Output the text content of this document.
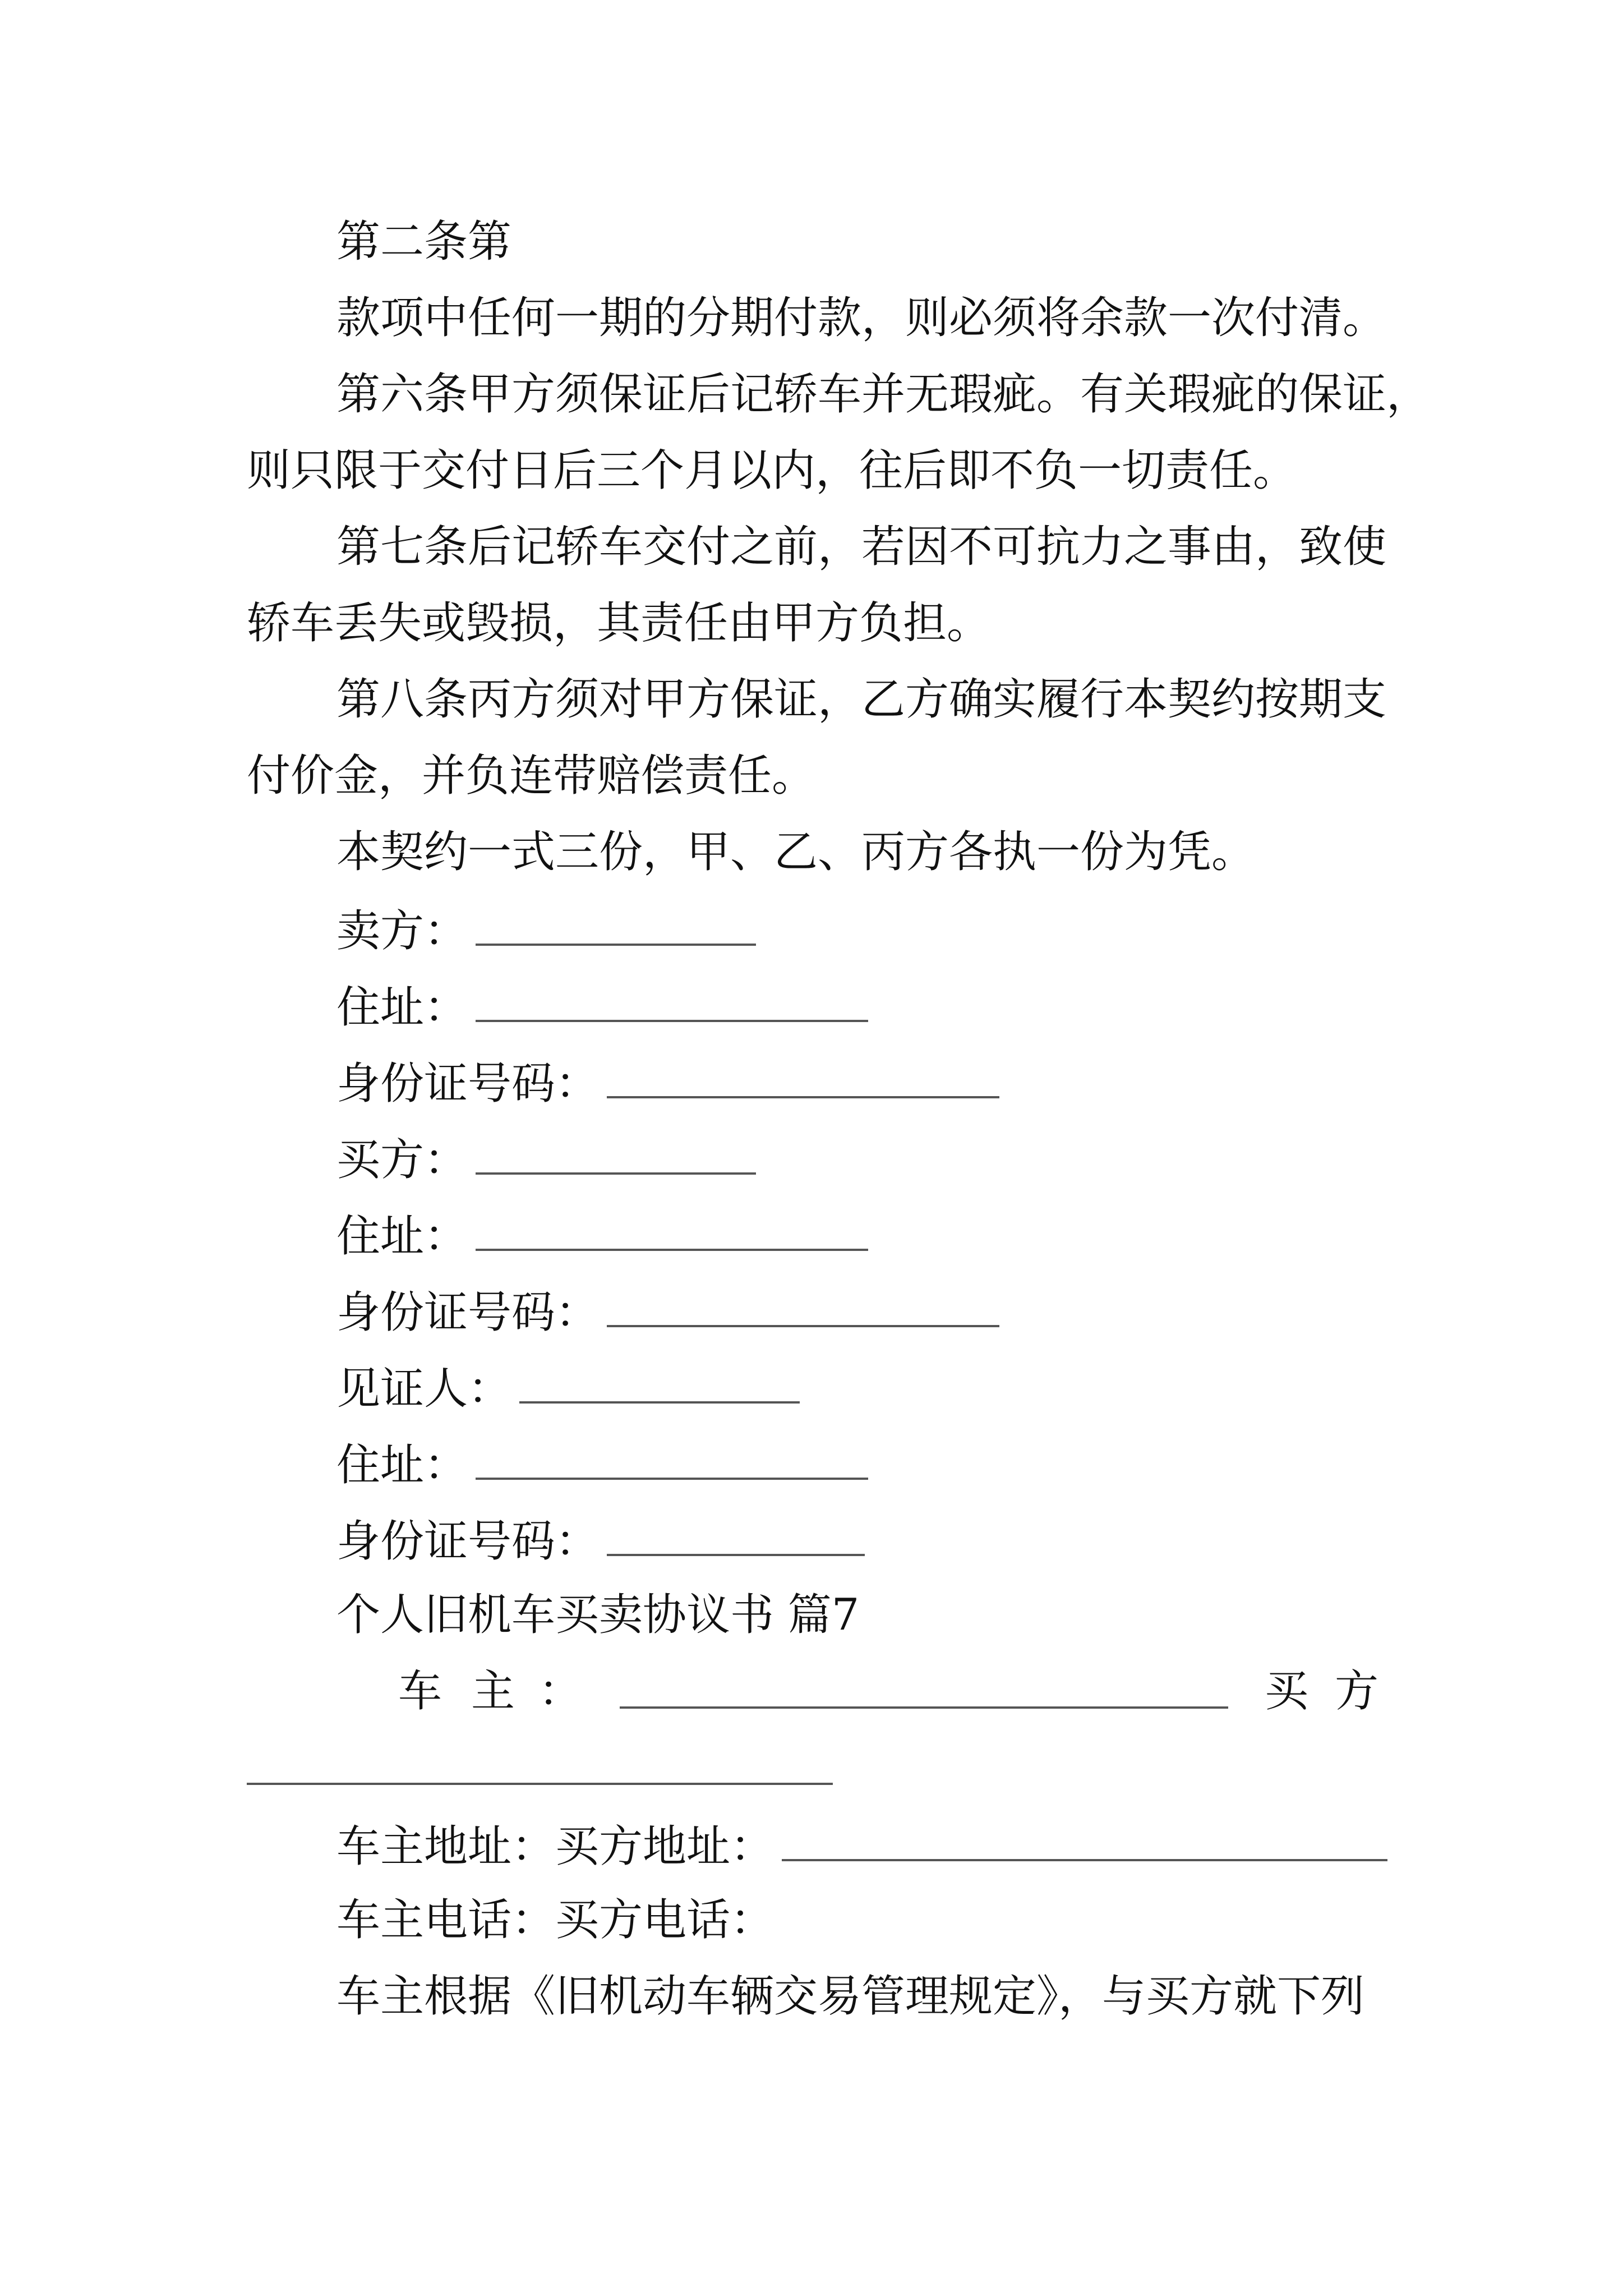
第二条第
款项中任何一期的分期付款，则必须将余款一次付清。
第六条甲方须保证后记轿车并无瑕疵。有关瑕疵的保证，
则只限于交付日后三个月以内，往后即不负一切责任。
第七条后记轿车交付之前，若因不可抗力之事由，致使
轿车丢失或毁损，其责任由甲方负担。
第八条丙方须对甲方保证，乙方确实履行本契约按期支
付价金，并负连带赔偿责任。
本契约一式三份，甲、乙、丙方各执一份为凭。
卖方：
住址：
身份证号码：
买方：
住址：
身份证号码：
见证人：
住址：
身份证号码：
个人旧机车买卖协议书 篇7
车 主 ：	买 方
车主地址：买方地址：
车主电话：买方电话：
车主根据《旧机动车辆交易管理规定》，与买方就下列
